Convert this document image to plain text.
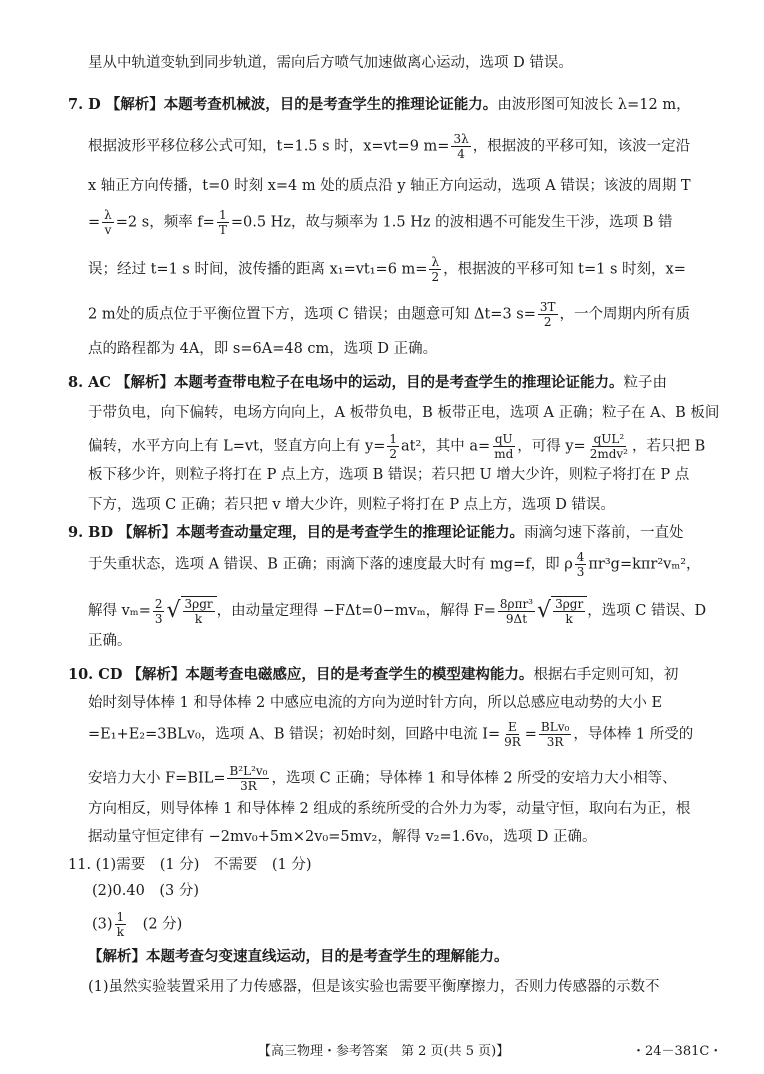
星从中轨道变轨到同步轨道，需向后方喷气加速做离心运动，选项 D 错误。
7. D 【解析】本题考查机械波，目的是考查学生的推理论证能力。由波形图可知波长 λ=12 m，
根据波形平移位移公式可知，t=1.5 s 时，x=vt=9 $m= \frac{3\lambda}{4}$ ，根据波的平移可知，该波一定沿
x 轴正方向传播，t=0 时刻 x=4 m 处的质点沿 y 轴正方向运动，选项 A 错误；该波的周期 T
= $\frac{\lambda}{v} =2$ s，频率 $f= \frac{1}{T} =0.5$ Hz，故与频率为 1.5 Hz 的波相遇不可能发生干涉，选项 B 错
误；经过 t=1 s 时间，波传播的距离 x₁=vt₁=6 $m= \frac{\lambda}{2}$ ，根据波的平移可知 t=1 s 时刻，x=
2 m处的质点位于平衡位置下方，选项 C 错误；由题意可知 Δt=3 $s= \frac{3T}{2}$ ，一个周期内所有质
点的路程都为 4A，即 s=6A=48 cm，选项 D 正确。
8. AC 【解析】本题考查带电粒子在电场中的运动，目的是考查学生的推理论证能力。粒子由
于带负电，向下偏转，电场方向向上，A 板带负电，B 板带正电，选项 A 正确；粒子在 A、B 板间
偏转，水平方向上有 L=vt，竖直方向上有 $y= \frac{1}{2} at^2$，其中 $a= \frac{qU}{md}$ ，可得 $y= \frac{\text{qUL²}}{\text{2mdv²}}$ ，若只把 B
板下移少许，则粒子将打在 P 点上方，选项 B 错误；若只把 U 增大少许，则粒子将打在 P 点
下方，选项 C 正确；若只把 v 增大少许，则粒子将打在 P 点上方，选项 D 错误。
9. BD 【解析】本题考查动量定理，目的是考查学生的推理论证能力。雨滴匀速下落前，一直处
于失重状态，选项 A 错误、B 正确；雨滴下落的速度最大时有 mg=f，即 ρ $\frac{4}{3} \pi r^3g=k\pi r^2v_m^2$，
解得 $v_m= \frac{2}{3}$ √ $\frac{\text{3ρgr}}{k}$ ，由动量定理得 −FΔt=0−mvₘ，解得 $F= \frac{\text{8ρπr³}}{9\Delta t}$ √ $\frac{\text{3ρgr}}{k}$ ，选项 C 错误、D
正确。
10. CD 【解析】本题考查电磁感应，目的是考查学生的模型建构能力。根据右手定则可知，初
始时刻导体棒 1 和导体棒 2 中感应电流的方向为逆时针方向，所以总感应电动势的大小 E
=E₁+E₂=3BLv₀，选项 A、B 错误；初始时刻，回路中电流 $I= \frac{E}{9R} = \frac{\text{BLv₀}}{3R}$ ，导体棒 1 所受的
安培力大小 $F=BIL= \frac{\text{B²L²v₀}}{3R}$ ，选项 C 正确；导体棒 1 和导体棒 2 所受的安培力大小相等、
方向相反，则导体棒 1 和导体棒 2 组成的系统所受的合外力为零，动量守恒，取向右为正，根
据动量守恒定律有 −2mv₀+5m×2v₀=5mv₂，解得 v₂=1.6v₀，选项 D 正确。
11. (1)需要　(1 分)　不需要　(1 分)
(2)0.40　(3 分)
$(3) \frac{1}{k}$ 　(2 分)
【解析】本题考查匀变速直线运动，目的是考查学生的理解能力。
(1)虽然实验装置采用了力传感器，但是该实验也需要平衡摩擦力，否则力传感器的示数不
【高三物理・参考答案　第 2 页(共 5 页)】	・24－381C・
